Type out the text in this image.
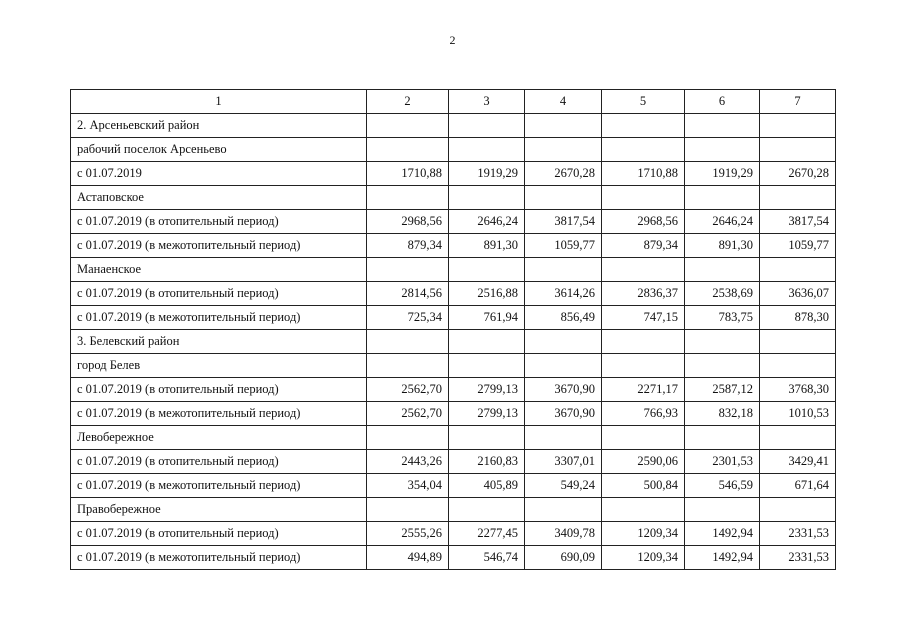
2
1	2	3	4	5	6	7
2. Арсеньевский район						
рабочий поселок Арсеньево						
с 01.07.2019	1710,88	1919,29	2670,28	1710,88	1919,29	2670,28
Астаповское						
с 01.07.2019 (в отопительный период)	2968,56	2646,24	3817,54	2968,56	2646,24	3817,54
с 01.07.2019 (в межотопительный период)	879,34	891,30	1059,77	879,34	891,30	1059,77
Манаенское						
с 01.07.2019 (в отопительный период)	2814,56	2516,88	3614,26	2836,37	2538,69	3636,07
с 01.07.2019 (в межотопительный период)	725,34	761,94	856,49	747,15	783,75	878,30
3. Белевский район						
город Белев						
с 01.07.2019 (в отопительный период)	2562,70	2799,13	3670,90	2271,17	2587,12	3768,30
с 01.07.2019 (в межотопительный период)	2562,70	2799,13	3670,90	766,93	832,18	1010,53
Левобережное						
с 01.07.2019 (в отопительный период)	2443,26	2160,83	3307,01	2590,06	2301,53	3429,41
с 01.07.2019 (в межотопительный период)	354,04	405,89	549,24	500,84	546,59	671,64
Правобережное						
с 01.07.2019 (в отопительный период)	2555,26	2277,45	3409,78	1209,34	1492,94	2331,53
с 01.07.2019 (в межотопительный период)	494,89	546,74	690,09	1209,34	1492,94	2331,53
